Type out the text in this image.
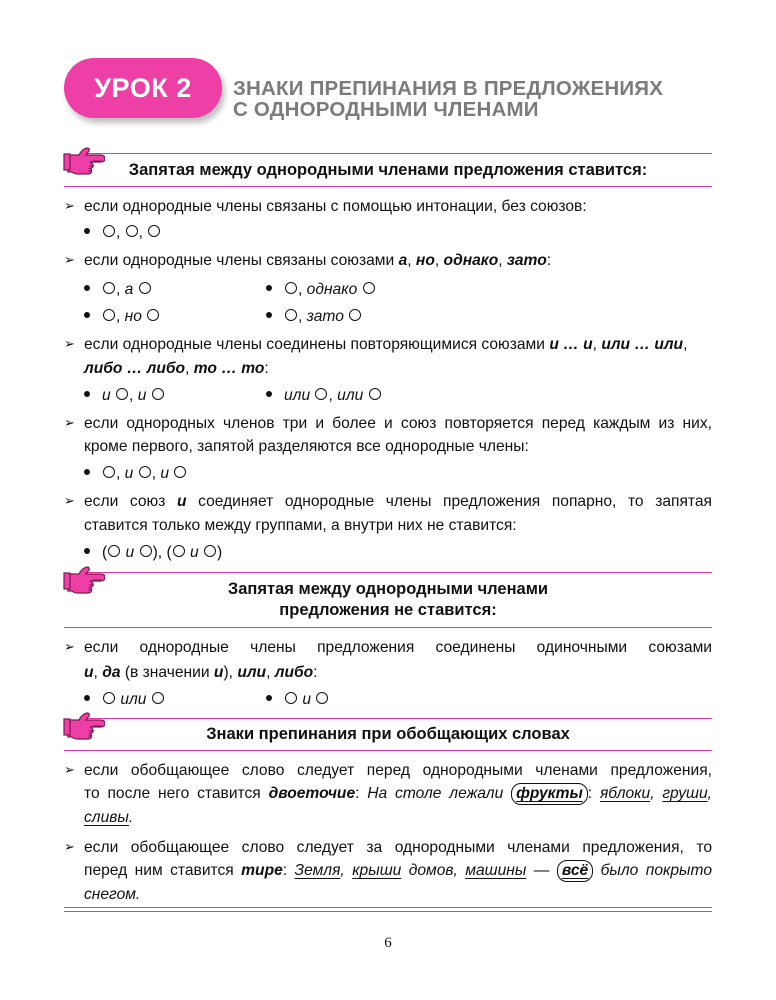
УРОК 2	ЗНАКИ ПРЕПИНАНИЯ В ПРЕДЛОЖЕНИЯХ
С ОДНОРОДНЫМИ ЧЛЕНАМИ
Запятая между однородными членами предложения ставится:
➢ если однородные члены связаны с помощью интонации, без союзов:
, ,
➢ если однородные члены связаны союзами а, но, однако, зато:
, а	, однако
, но	, зато
➢ если однородные члены соединены повторяющимися союзами и … и, или … или,
либо … либо, то … то:
и , и	или , или
➢ если однородных членов три и более и союз повторяется перед каждым из них,
кроме первого, запятой разделяются все однородные члены:
, и , и
➢ если союз и соединяет однородные члены предложения попарно, то запятая
ставится только между группами, а внутри них не ставится:
( и ), ( и )
Запятая между однородными членами
предложения не ставится:
➢ если однородные члены предложения соединены одиночными союзами
и, да (в значении и), или, либо:
или	и
Знаки препинания при обобщающих словах
➢ если обобщающее слово следует перед однородными членами предложения,
то после него ставится двоеточие: На столе лежали фрукты : яблоки, груши,
сливы.
➢ если обобщающее слово следует за однородными членами предложения, то
перед ним ставится тире: Земля, крыши домов, машины — всё было покрыто
снегом.
6
